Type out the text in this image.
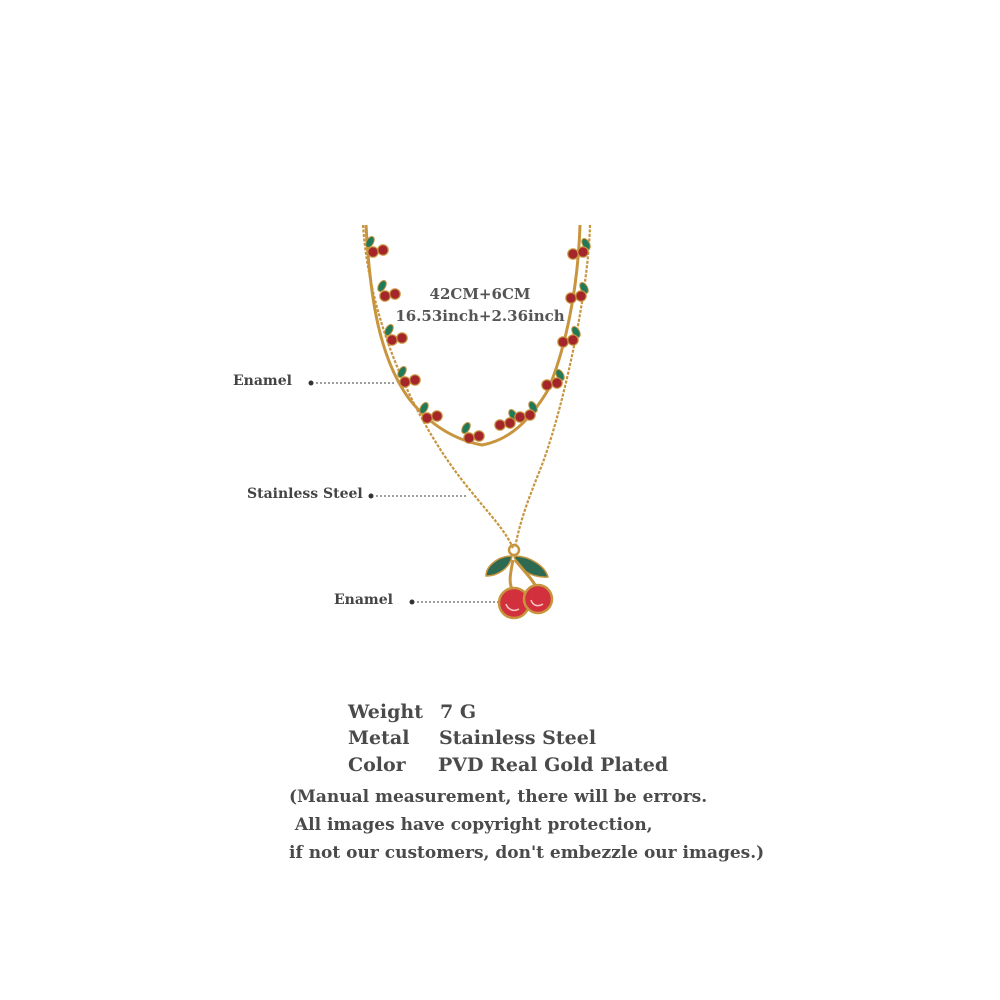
42CM+6CM
16.53inch+2.36inch
Enamel
Stainless Steel
Enamel
Weight 7 G
Metal Stainless Steel
Color PVD Real Gold Plated
(Manual measurement, there will be errors.
All images have copyright protection,
if not our customers, don't embezzle our images.)
